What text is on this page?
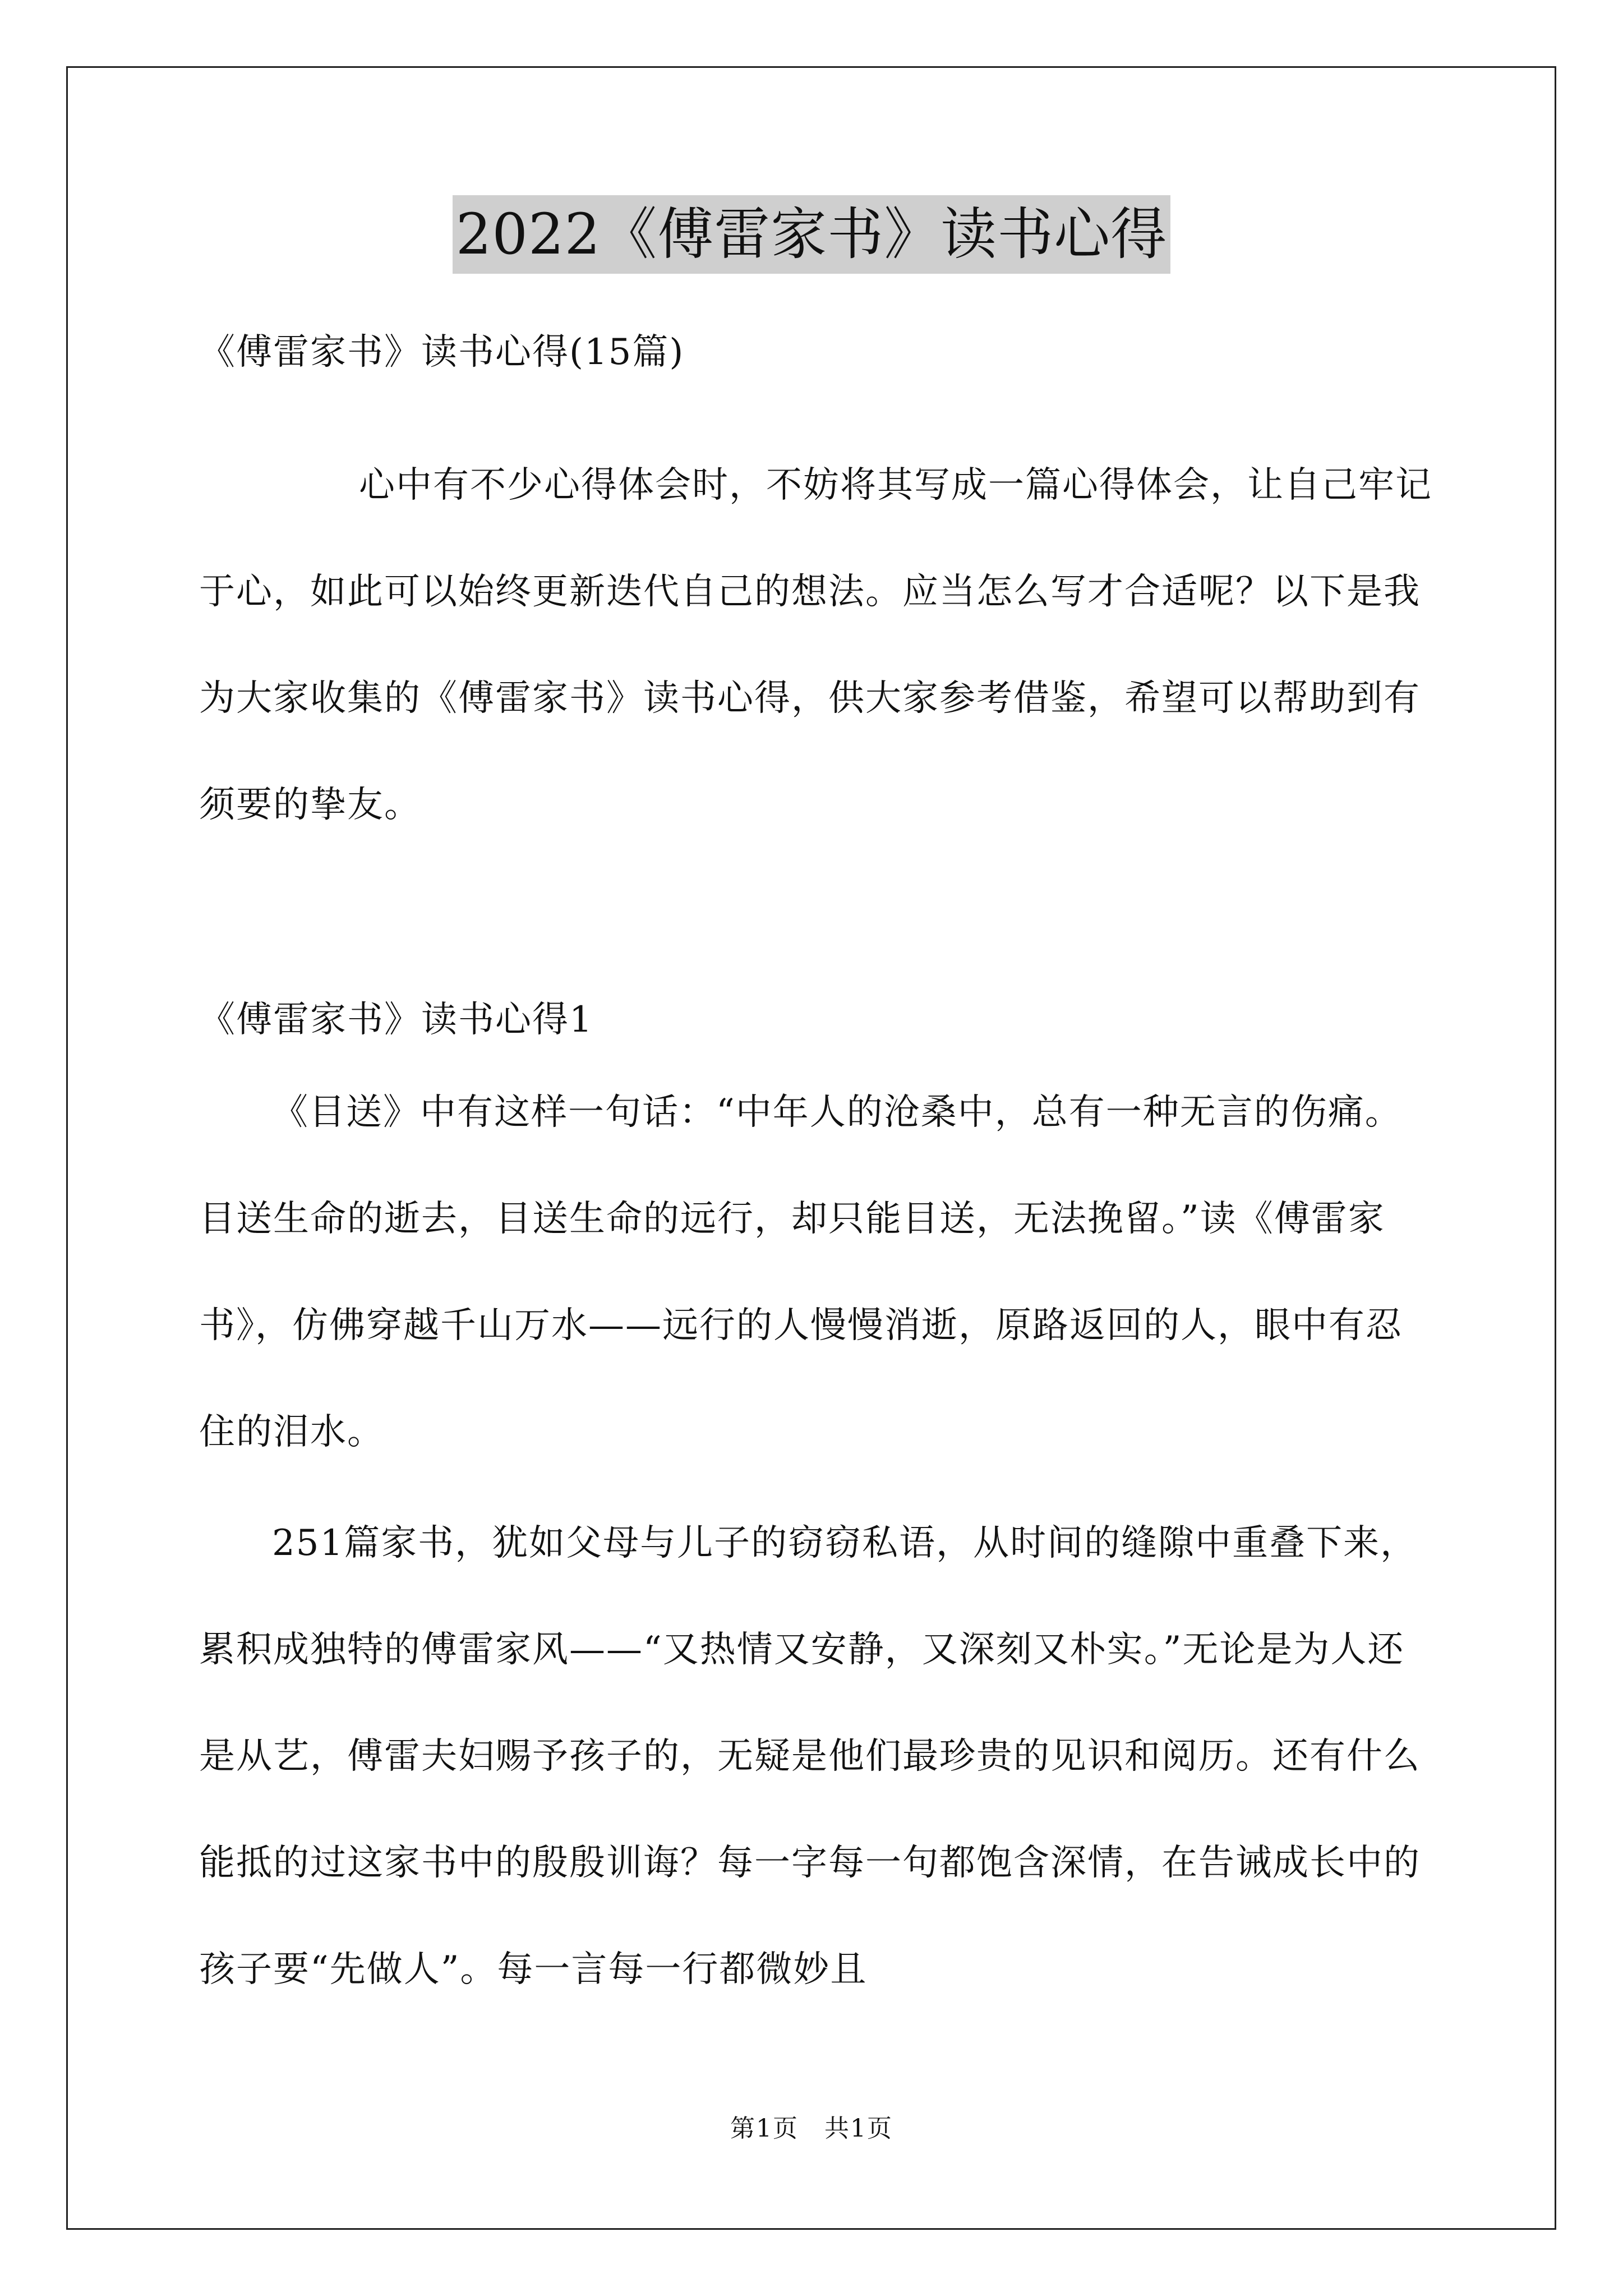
2022《傅雷家书》读书心得

《傅雷家书》读书心得(15篇)

心中有不少心得体会时，不妨将其写成一篇心得体会，让自己牢记于心，如此可以始终更新迭代自己的想法。应当怎么写才合适呢？以下是我为大家收集的《傅雷家书》读书心得，供大家参考借鉴，希望可以帮助到有须要的挚友。

《傅雷家书》读书心得1

《目送》中有这样一句话：“中年人的沧桑中，总有一种无言的伤痛。目送生命的逝去，目送生命的远行，却只能目送，无法挽留。”读《傅雷家书》，仿佛穿越千山万水——远行的人慢慢消逝，原路返回的人，眼中有忍住的泪水。

251篇家书，犹如父母与儿子的窃窃私语，从时间的缝隙中重叠下来，累积成独特的傅雷家风——“又热情又安静，又深刻又朴实。”无论是为人还是从艺，傅雷夫妇赐予孩子的，无疑是他们最珍贵的见识和阅历。还有什么能抵的过这家书中的殷殷训诲？每一字每一句都饱含深情，在告诫成长中的孩子要“先做人”。每一言每一行都微妙且

第1页　共1页
